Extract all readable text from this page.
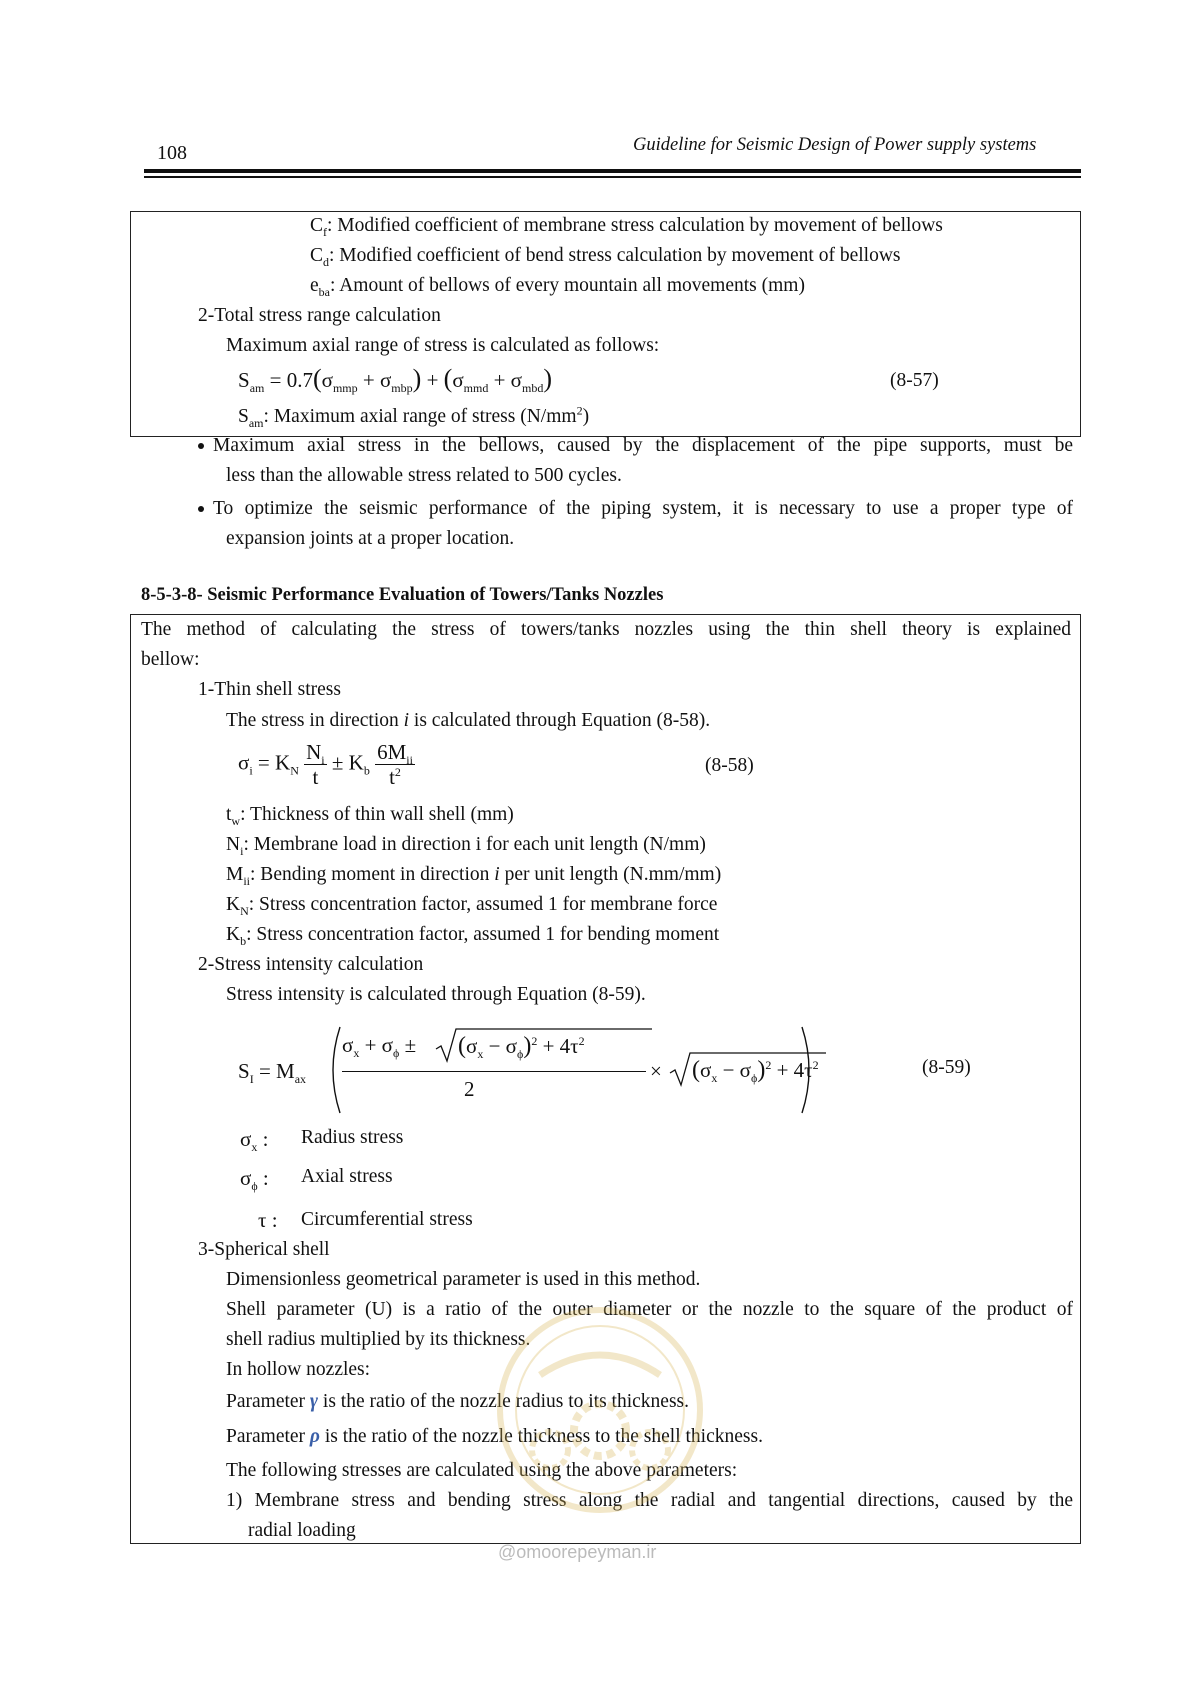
108	Guideline for Seismic Design of Power supply systems
$C_f$: Modified coefficient of membrane stress calculation by movement of bellows
$C_d$: Modified coefficient of bend stress calculation by movement of bellows
$e_{ba}$: Amount of bellows of every mountain all movements (mm)
2-Total stress range calculation
Maximum axial range of stress is calculated as follows:
$S_{am} = 0.7(\sigma_{mmp} + \sigma_{mbp}) + (\sigma_{mmd} + \sigma_{mbd})$	(8-57)
$S_{am}$: Maximum axial range of stress $(N/mm^2)$
Maximum axial stress in the bellows, caused by the displacement of the pipe supports, must be
less than the allowable stress related to 500 cycles.
To optimize the seismic performance of the piping system, it is necessary to use a proper type of
expansion joints at a proper location.
8-5-3-8- Seismic Performance Evaluation of Towers/Tanks Nozzles
The method of calculating the stress of towers/tanks nozzles using the thin shell theory is explained
bellow:
1-Thin shell stress
The stress in direction i is calculated through Equation (8-58).
$\sigma_i = K_N \frac{N_i}{t} \pm K_b \frac{6M_{ii}}{t^2}$	(8-58)
$t_w$: Thickness of thin wall shell (mm)
$N_i$: Membrane load in direction i for each unit length (N/mm)
$M_{ii}$: Bending moment in direction i per unit length (N.mm/mm)
$K_N$: Stress concentration factor, assumed 1 for membrane force
$K_b$: Stress concentration factor, assumed 1 for bending moment
2-Stress intensity calculation
Stress intensity is calculated through Equation (8-59).
$S_I = M_{ax}$
$\sigma_x + \sigma_\phi \pm (\sigma_x - \sigma_\phi)^2 + 4\tau^2$
2
× $(\sigma_x - \sigma_\phi)^2 + 4\tau^2$	(8-59)
$\sigma_x$ : Radius stress
$\sigma_\phi$ : Axial stress
τ : Circumferential stress
3-Spherical shell
Dimensionless geometrical parameter is used in this method.
Shell parameter (U) is a ratio of the outer diameter or the nozzle to the square of the product of
shell radius multiplied by its thickness.
In hollow nozzles:
Parameter γ is the ratio of the nozzle radius to its thickness.
Parameter ρ is the ratio of the nozzle thickness to the shell thickness.
The following stresses are calculated using the above parameters:
1) Membrane stress and bending stress along the radial and tangential directions, caused by the
radial loading
@omoorepeyman.ir
